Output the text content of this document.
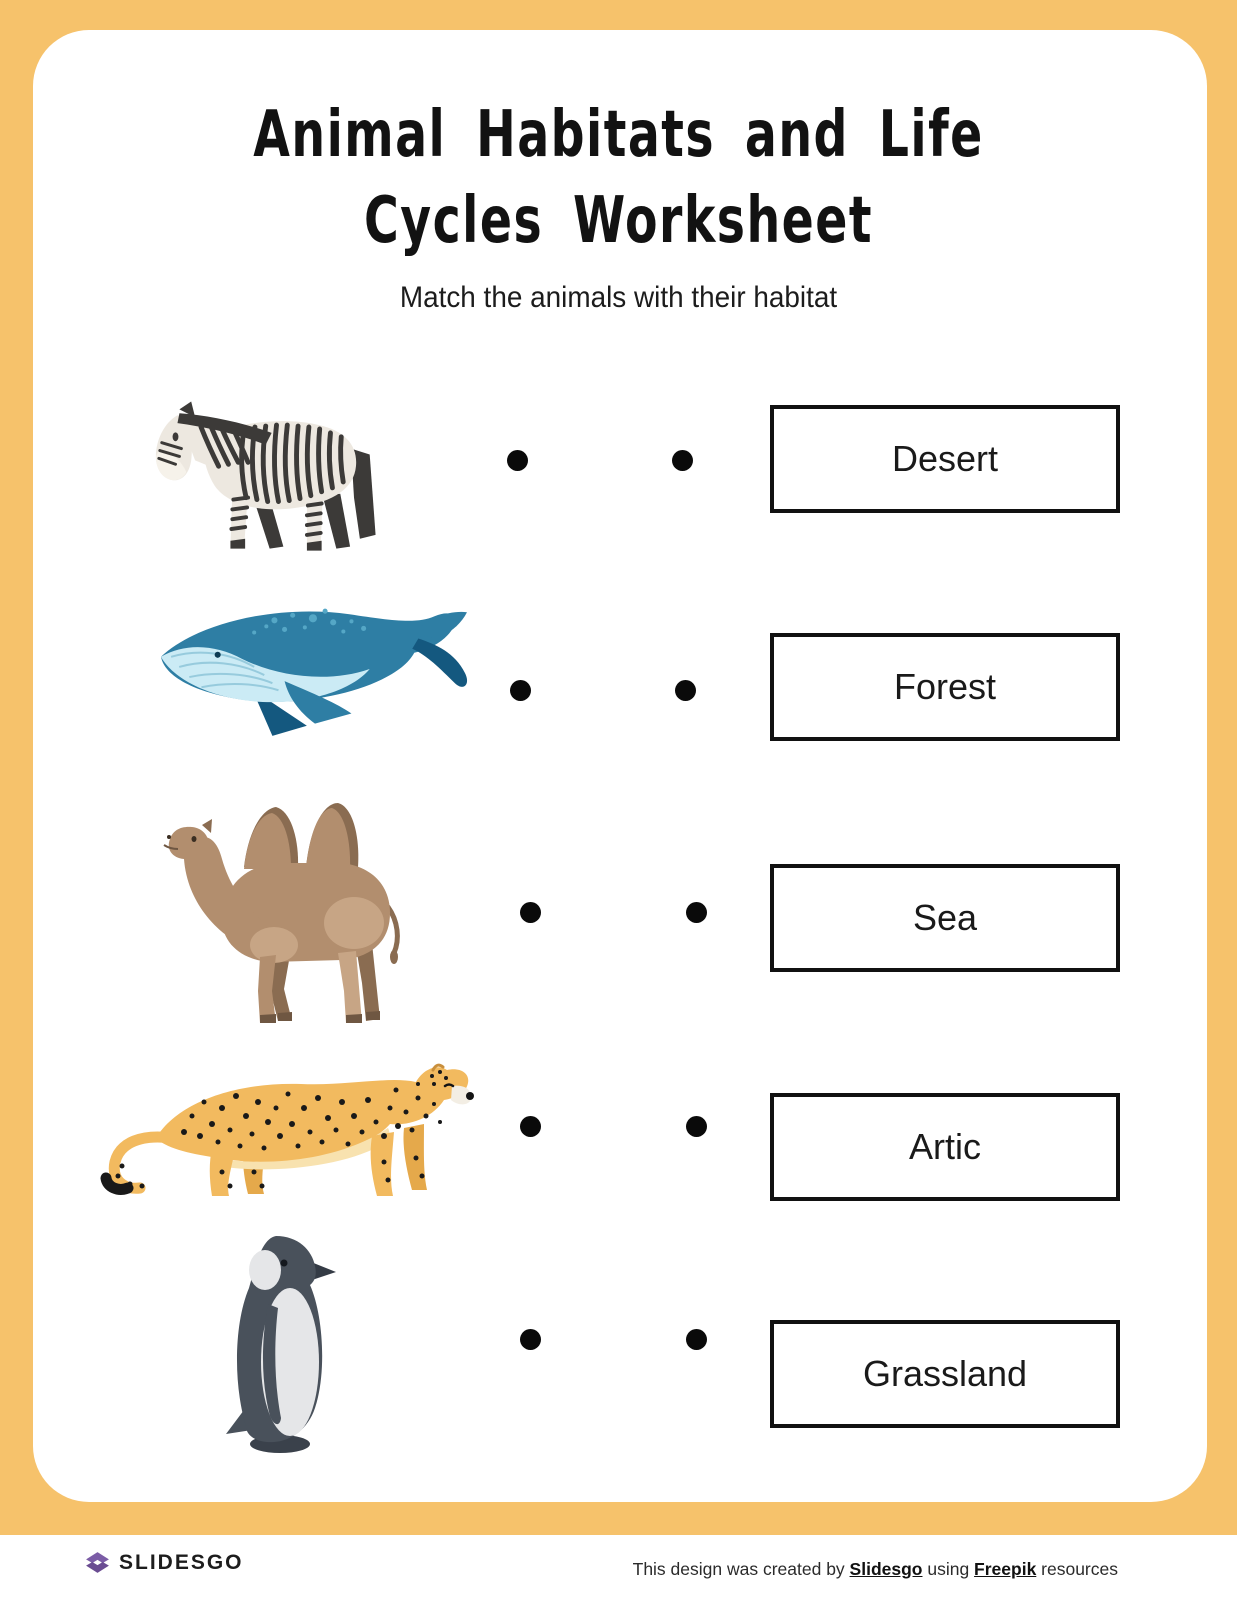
Animal Habitats and Life
Cycles Worksheet
Match the animals with their habitat
Desert
Forest
Sea
Artic
Grassland
SLIDESGO	This design was created by Slidesgo using Freepik resources
